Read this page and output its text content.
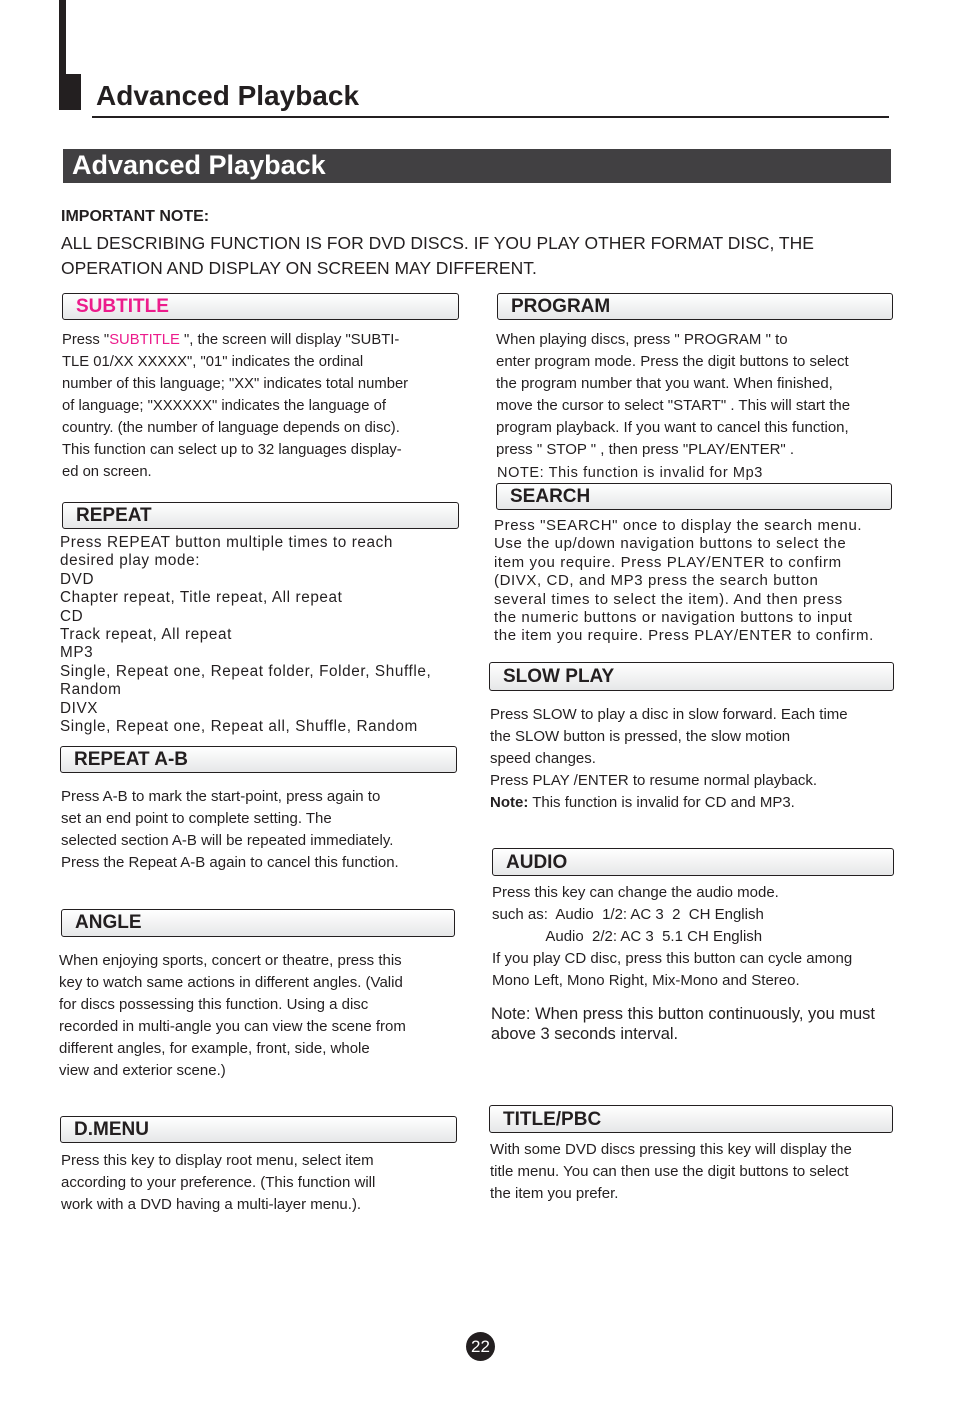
Advanced Playback
Advanced Playback
IMPORTANT NOTE:
ALL DESCRIBING FUNCTION IS FOR DVD DISCS. IF YOU PLAY OTHER FORMAT DISC, THE
OPERATION AND DISPLAY ON SCREEN MAY DIFFERENT.
SUBTITLE

Press "SUBTITLE ", the screen will display "SUBTI-

TLE 01/XX XXXXX", "01" indicates the ordinal

number of this language; "XX" indicates total number

of language; "XXXXXX" indicates the language of

country. (the number of language depends on disc).

This function can select up to 32 languages display-

ed on screen.

REPEAT

Press REPEAT button multiple times to reach

desired play mode:

DVD

Chapter repeat, Title repeat, All repeat

CD

Track repeat, All repeat

MP3

Single, Repeat one, Repeat folder, Folder, Shuffle,

Random

DIVX

Single, Repeat one, Repeat all, Shuffle, Random

REPEAT A-B

Press A-B to mark the start-point, press again to

set an end point to complete setting. The

selected section A-B will be repeated immediately.

Press the Repeat A-B again to cancel this function.

ANGLE

When enjoying sports, concert or theatre, press this

key to watch same actions in different angles. (Valid

for discs possessing this function. Using a disc

recorded in multi-angle you can view the scene from

different angles, for example, front, side, whole

view and exterior scene.)

D.MENU

Press this key to display root menu, select item

according to your preference. (This function will

work with a DVD having a multi-layer menu.).

PROGRAM

When playing discs, press " PROGRAM " to

enter program mode. Press the digit buttons to select

the program number that you want. When finished,

move the cursor to select "START" . This will start the

program playback. If you want to cancel this function,

press " STOP " , then press "PLAY/ENTER" .

NOTE: This function is invalid for Mp3

SEARCH

Press "SEARCH" once to display the search menu.

Use the up/down navigation buttons to select the

item you require. Press PLAY/ENTER to confirm

(DIVX, CD, and MP3 press the search button

several times to select the item). And then press

the numeric buttons or navigation buttons to input

the item you require. Press PLAY/ENTER to confirm.

SLOW PLAY

Press SLOW to play a disc in slow forward. Each time

the SLOW button is pressed, the slow motion

speed changes.

Press PLAY /ENTER to resume normal playback.

Note: This function is invalid for CD and MP3.

AUDIO

Press this key can change the audio mode.

such as:  Audio  1/2: AC 3  2  CH English

Audio  2/2: AC 3  5.1 CH English

If you play CD disc, press this button can cycle among

Mono Left, Mono Right, Mix-Mono and Stereo.

Note: When press this button continuously, you must

above 3 seconds interval.

TITLE/PBC

With some DVD discs pressing this key will display the

title menu. You can then use the digit buttons to select

the item you prefer.

22
